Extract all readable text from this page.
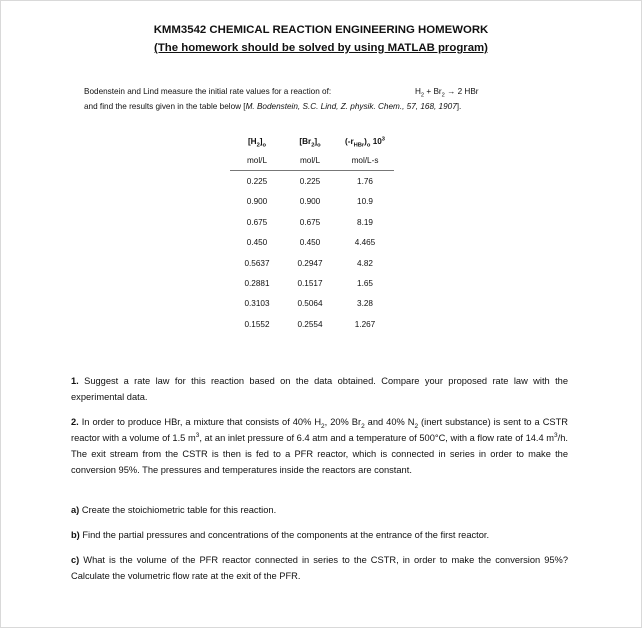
KMM3542 CHEMICAL REACTION ENGINEERING HOMEWORK
(The homework should be solved by using MATLAB program)
Bodenstein and Lind measure the initial rate values for a reaction of:	$H_2 + Br_2 \to 2$ HBr
and find the results given in the table below [M. Bodenstein, S.C. Lind, Z. physik. Chem., 57, 168, 1907].
$[H_2]_o$	$[Br_2]_o$	$(-r_{HBr})_o$ $10^3$
mol/L	mol/L	mol/L-s
0.225	0.225	1.76
0.900	0.900	10.9
0.675	0.675	8.19
0.450	0.450	4.465
0.5637	0.2947	4.82
0.2881	0.1517	1.65
0.3103	0.5064	3.28
0.1552	0.2554	1.267
1. Suggest a rate law for this reaction based on the data obtained. Compare your proposed rate law with the experimental data.
2. In order to produce HBr, a mixture that consists of 40% $H_2$, 20% $Br_2$ and 40% $N_2$ (inert substance) is sent to a CSTR reactor with a volume of 1.5 $m^3$, at an inlet pressure of 6.4 atm and a temperature of 500°C, with a flow rate of 14.4 $m^3/h$. The exit stream from the CSTR is then is fed to a PFR reactor, which is connected in series in order to make the conversion 95%. The pressures and temperatures inside the reactors are constant.
a) Create the stoichiometric table for this reaction.
b) Find the partial pressures and concentrations of the components at the entrance of the first reactor.
c) What is the volume of the PFR reactor connected in series to the CSTR, in order to make the conversion 95%? Calculate the volumetric flow rate at the exit of the PFR.
